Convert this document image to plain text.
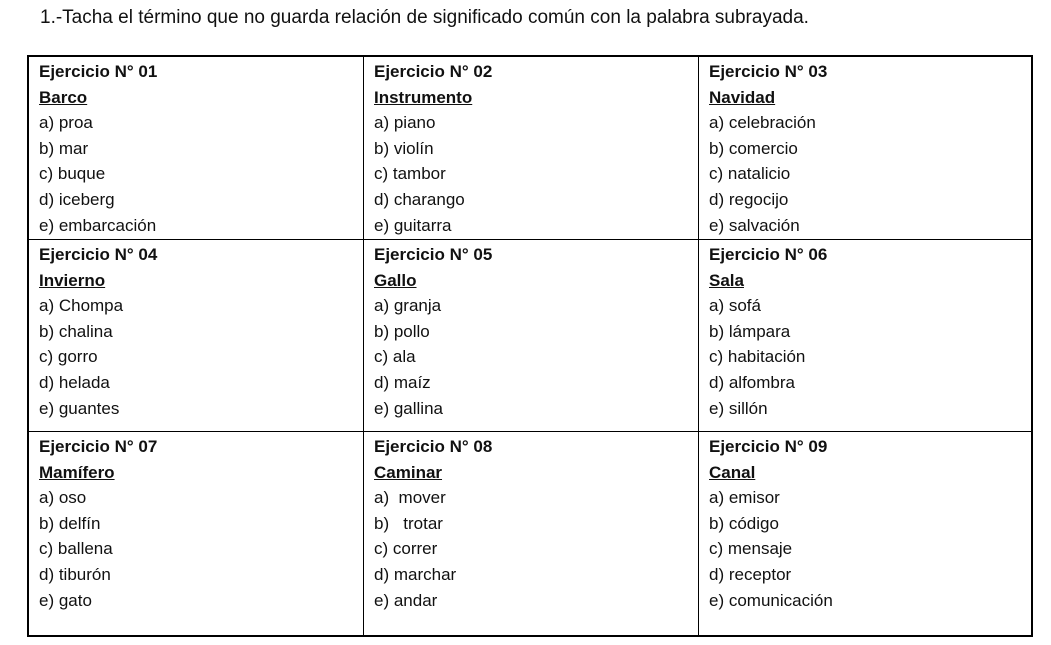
1.-Tacha el término que no guarda relación de significado común con la palabra subrayada.
Ejercicio N° 01
Barco
a) proa
b) mar
c) buque
d) iceberg
e) embarcación
Ejercicio N° 02
Instrumento
a) piano
b) violín
c) tambor
d) charango
e) guitarra
Ejercicio N° 03
Navidad
a) celebración
b) comercio
c) natalicio
d) regocijo
e) salvación
Ejercicio N° 04
Invierno
a) Chompa
b) chalina
c) gorro
d) helada
e) guantes
Ejercicio N° 05
Gallo
a) granja
b) pollo
c) ala
d) maíz
e) gallina
Ejercicio N° 06
Sala
a) sofá
b) lámpara
c) habitación
d) alfombra
e) sillón
Ejercicio N° 07
Mamífero
a) oso
b) delfín
c) ballena
d) tiburón
e) gato
Ejercicio N° 08
Caminar
a)  mover
b)   trotar
c) correr
d) marchar
e) andar
Ejercicio N° 09
Canal
a) emisor
b) código
c) mensaje
d) receptor
e) comunicación
